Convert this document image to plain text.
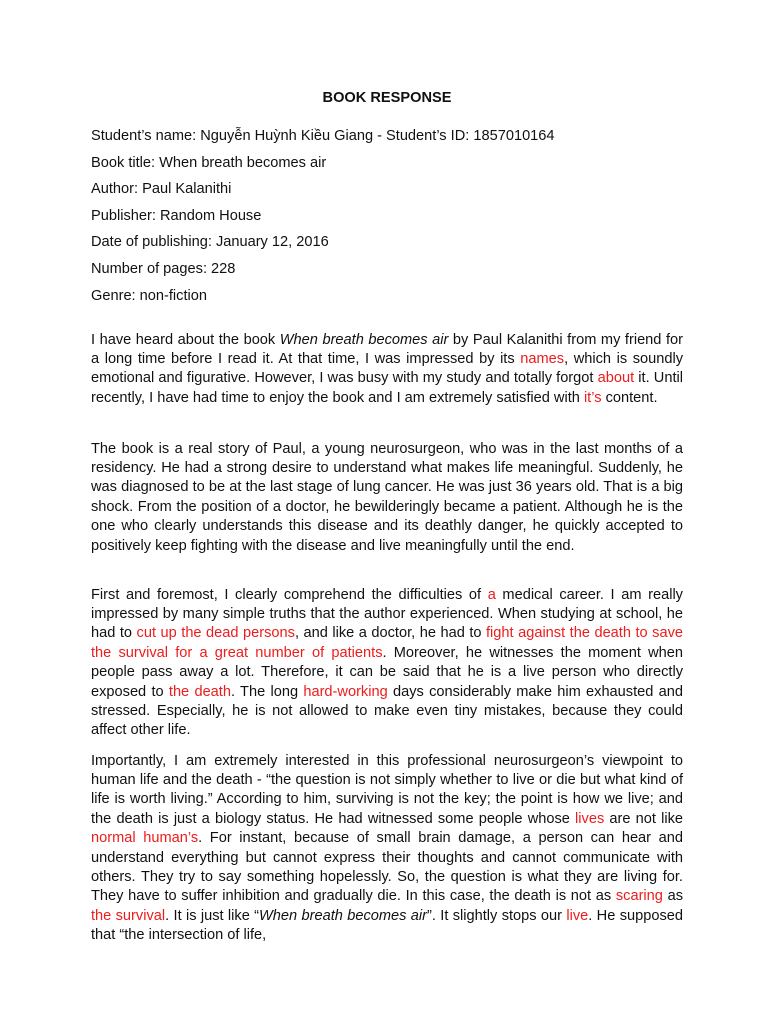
BOOK RESPONSE
Student’s name: Nguyễn Huỳnh Kiều Giang - Student’s ID: 1857010164
Book title: When breath becomes air
Author: Paul Kalanithi
Publisher: Random House
Date of publishing: January 12, 2016
Number of pages: 228
Genre: non-fiction

I have heard about the book When breath becomes air by Paul Kalanithi from my friend for a long time before I read it. At that time, I was impressed by its names, which is soundly emotional and figurative. However, I was busy with my study and totally forgot about it. Until recently, I have had time to enjoy the book and I am extremely satisfied with it’s content.

The book is a real story of Paul, a young neurosurgeon, who was in the last months of a residency. He had a strong desire to understand what makes life meaningful. Suddenly, he was diagnosed to be at the last stage of lung cancer. He was just 36 years old. That is a big shock. From the position of a doctor, he bewilderingly became a patient. Although he is the one who clearly understands this disease and its deathly danger, he quickly accepted to positively keep fighting with the disease and live meaningfully until the end.

First and foremost, I clearly comprehend the difficulties of a medical career. I am really impressed by many simple truths that the author experienced. When studying at school, he had to cut up the dead persons, and like a doctor, he had to fight against the death to save the survival for a great number of patients. Moreover, he witnesses the moment when people pass away a lot. Therefore, it can be said that he is a live person who directly exposed to the death. The long hard-working days considerably make him exhausted and stressed. Especially, he is not allowed to make even tiny mistakes, because they could affect other life.

Importantly, I am extremely interested in this professional neurosurgeon’s viewpoint to human life and the death - “the question is not simply whether to live or die but what kind of life is worth living.” According to him, surviving is not the key; the point is how we live; and the death is just a biology status. He had witnessed some people whose lives are not like normal human’s. For instant, because of small brain damage, a person can hear and understand everything but cannot express their thoughts and cannot communicate with others. They try to say something hopelessly. So, the question is what they are living for. They have to suffer inhibition and gradually die. In this case, the death is not as scaring as the survival. It is just like “When breath becomes air”. It slightly stops our live. He supposed that “the intersection of life,
